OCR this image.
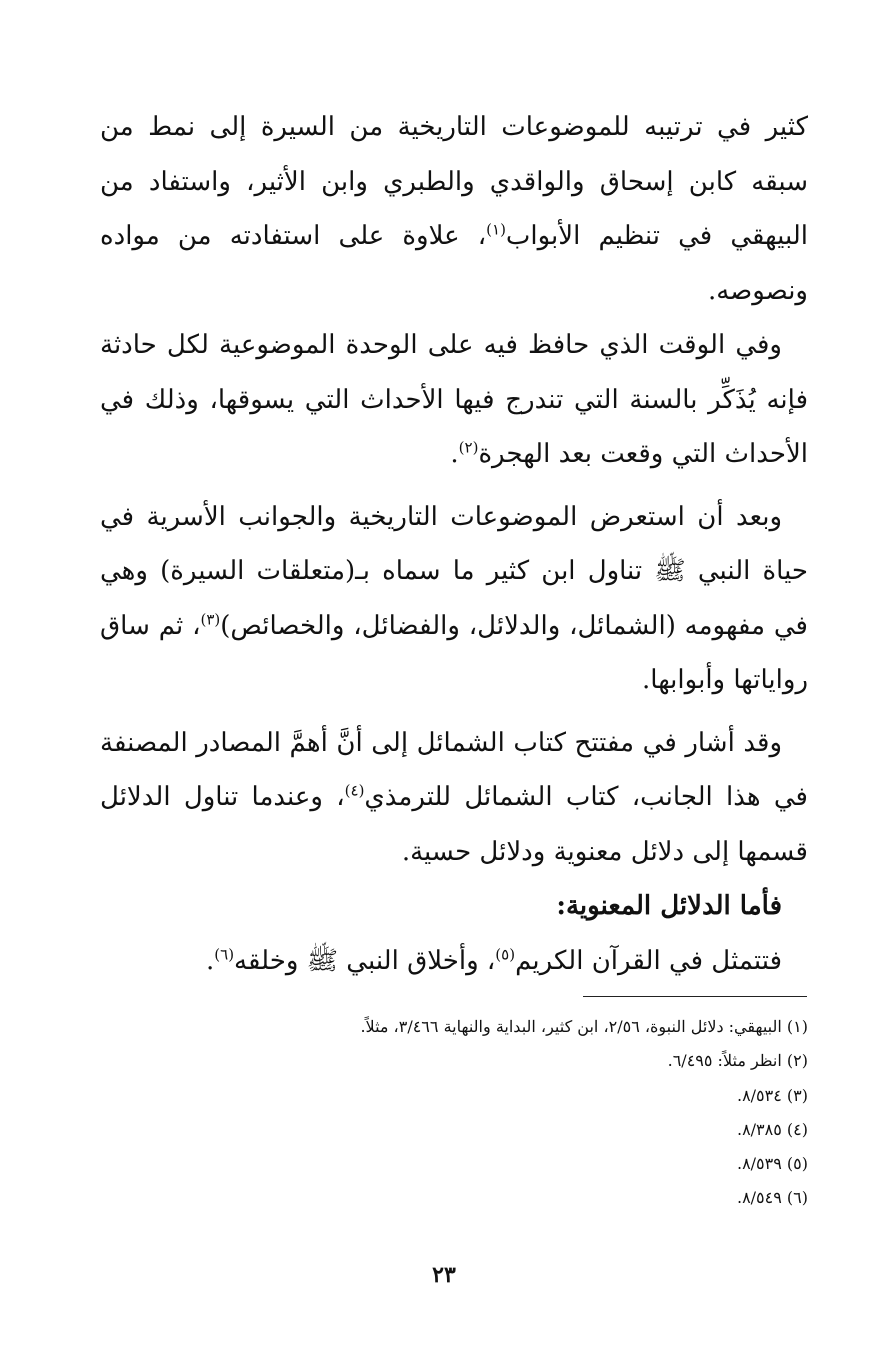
كثير في ترتيبه للموضوعات التاريخية من السيرة إلى نمط من سبقه كابن إسحاق والواقدي والطبري وابن الأثير، واستفاد من البيهقي في تنظيم الأبواب$^{(١)}$، علاوة على استفادته من مواده ونصوصه.

وفي الوقت الذي حافظ فيه على الوحدة الموضوعية لكل حادثة فإنه يُذَكِّر بالسنة التي تندرج فيها الأحداث التي يسوقها، وذلك في الأحداث التي وقعت بعد الهجرة$^{(٢)}$.

وبعد أن استعرض الموضوعات التاريخية والجوانب الأسرية في حياة النبي ﷺ تناول ابن كثير ما سماه بـ(متعلقات السيرة) وهي في مفهومه (الشمائل، والدلائل، والفضائل، والخصائص)$^{(٣)}$، ثم ساق رواياتها وأبوابها.

وقد أشار في مفتتح كتاب الشمائل إلى أنَّ أهمَّ المصادر المصنفة في هذا الجانب، كتاب الشمائل للترمذي$^{(٤)}$، وعندما تناول الدلائل قسمها إلى دلائل معنوية ودلائل حسية.

فأما الدلائل المعنوية:

فتتمثل في القرآن الكريم$^{(٥)}$، وأخلاق النبي ﷺ وخلقه$^{(٦)}$.

(١) البيهقي: دلائل النبوة، ٢/٥٦، ابن كثير، البداية والنهاية ٣/٤٦٦، مثلاً.

(٢) انظر مثلاً: ٦/٤٩٥.

(٣) ٨/٥٣٤.

(٤) ٨/٣٨٥.

(٥) ٨/٥٣٩.

(٦) ٨/٥٤٩.

٢٣
